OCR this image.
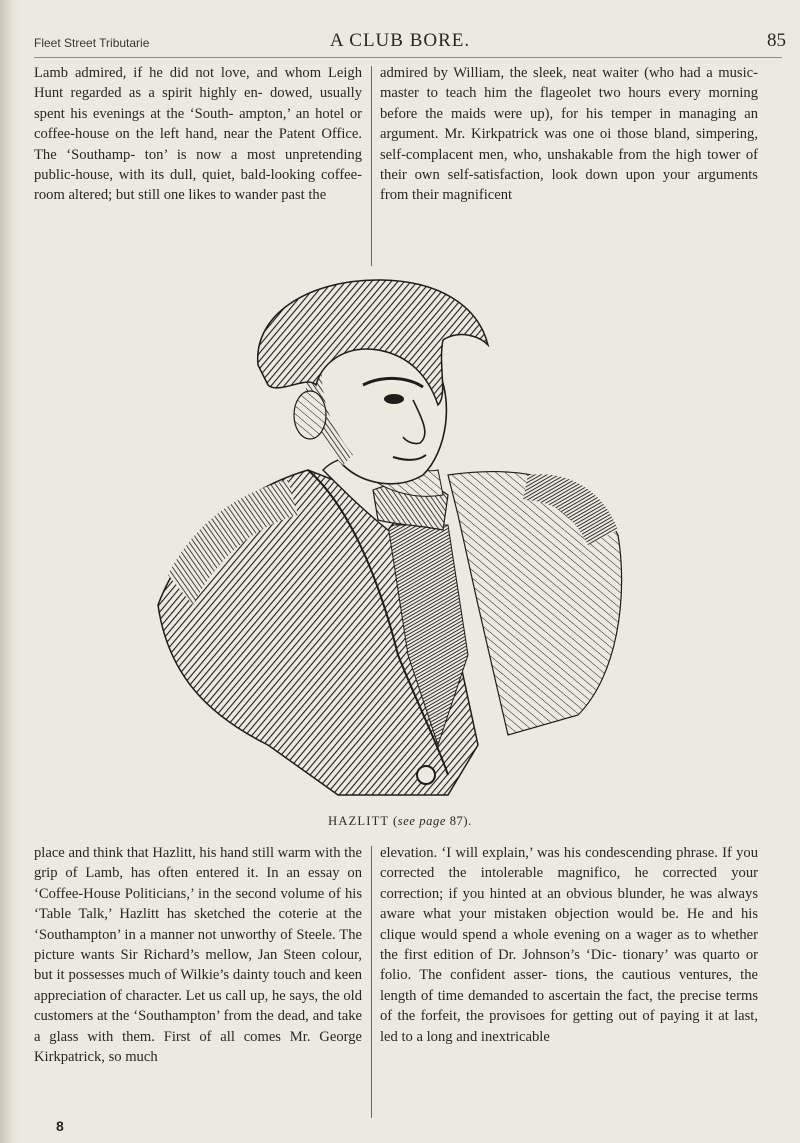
Fleet Street Tributarie	A CLUB BORE.	85

Lamb admired, if he did not love, and whom Leigh Hunt regarded as a spirit highly en- dowed, usually spent his evenings at the ‘South- ampton,’ an hotel or coffee-house on the left hand, near the Patent Office. The ‘Southamp- ton’ is now a most unpretending public-house, with its dull, quiet, bald-looking coffee-room altered; but still one likes to wander past the

admired by William, the sleek, neat waiter (who had a music-master to teach him the flageolet two hours every morning before the maids were up), for his temper in managing an argument. Mr. Kirkpatrick was one oi those bland, simpering, self-complacent men, who, unshakable from the high tower of their own self-satisfaction, look down upon your arguments from their magnificent

HAZLITT (see page 87).

place and think that Hazlitt, his hand still warm with the grip of Lamb, has often entered it. In an essay on ‘Coffee-House Politicians,’ in the second volume of his ‘Table Talk,’ Hazlitt has sketched the coterie at the ‘Southampton’ in a manner not unworthy of Steele. The picture wants Sir Richard’s mellow, Jan Steen colour, but it possesses much of Wilkie’s dainty touch and keen appreciation of character. Let us call up, he says, the old customers at the ‘Southampton’ from the dead, and take a glass with them. First of all comes Mr. George Kirkpatrick, so much

elevation. ‘I will explain,’ was his condescending phrase. If you corrected the intolerable magnifico, he corrected your correction; if you hinted at an obvious blunder, he was always aware what your mistaken objection would be. He and his clique would spend a whole evening on a wager as to whether the first edition of Dr. Johnson’s ‘Dic- tionary’ was quarto or folio. The confident asser- tions, the cautious ventures, the length of time demanded to ascertain the fact, the precise terms of the forfeit, the provisoes for getting out of paying it at last, led to a long and inextricable

8
